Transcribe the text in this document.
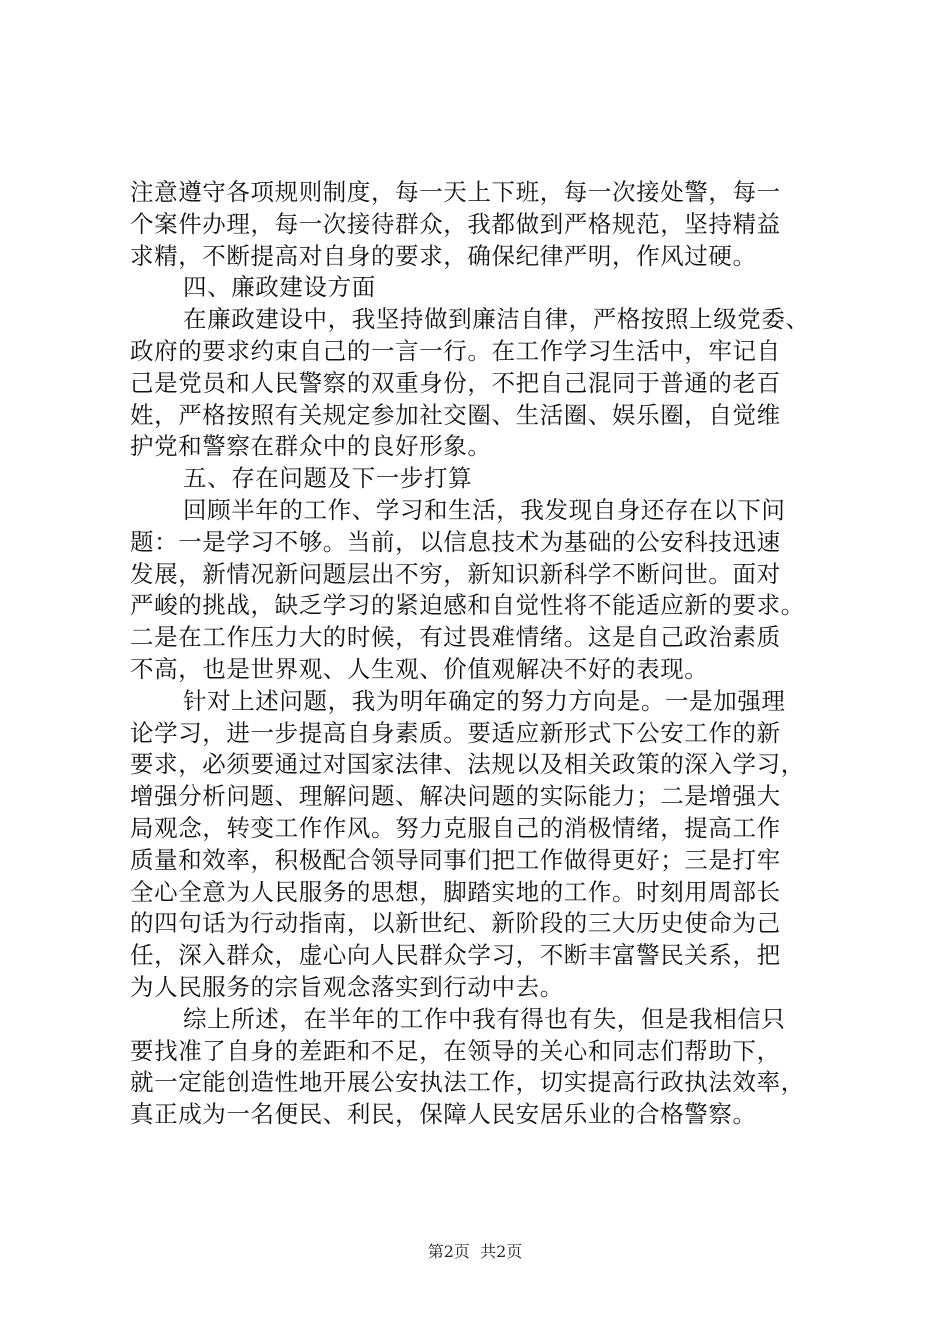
注意遵守各项规则制度，每一天上下班，每一次接处警，每一
个案件办理，每一次接待群众，我都做到严格规范，坚持精益
求精，不断提高对自身的要求，确保纪律严明，作风过硬。
四、廉政建设方面
在廉政建设中，我坚持做到廉洁自律，严格按照上级党委、
政府的要求约束自己的一言一行。在工作学习生活中，牢记自
己是党员和人民警察的双重身份，不把自己混同于普通的老百
姓，严格按照有关规定参加社交圈、生活圈、娱乐圈，自觉维
护党和警察在群众中的良好形象。
五、存在问题及下一步打算
回顾半年的工作、学习和生活，我发现自身还存在以下问
题：一是学习不够。当前，以信息技术为基础的公安科技迅速
发展，新情况新问题层出不穷，新知识新科学不断问世。面对
严峻的挑战，缺乏学习的紧迫感和自觉性将不能适应新的要求。
二是在工作压力大的时候，有过畏难情绪。这是自己政治素质
不高，也是世界观、人生观、价值观解决不好的表现。
针对上述问题，我为明年确定的努力方向是。一是加强理
论学习，进一步提高自身素质。要适应新形式下公安工作的新
要求，必须要通过对国家法律、法规以及相关政策的深入学习，
增强分析问题、理解问题、解决问题的实际能力；二是增强大
局观念，转变工作作风。努力克服自己的消极情绪，提高工作
质量和效率，积极配合领导同事们把工作做得更好；三是打牢
全心全意为人民服务的思想，脚踏实地的工作。时刻用周部长
的四句话为行动指南，以新世纪、新阶段的三大历史使命为己
任，深入群众，虚心向人民群众学习，不断丰富警民关系，把
为人民服务的宗旨观念落实到行动中去。
综上所述，在半年的工作中我有得也有失，但是我相信只
要找准了自身的差距和不足，在领导的关心和同志们帮助下，
就一定能创造性地开展公安执法工作，切实提高行政执法效率，
真正成为一名便民、利民，保障人民安居乐业的合格警察。
第2页 共2页
